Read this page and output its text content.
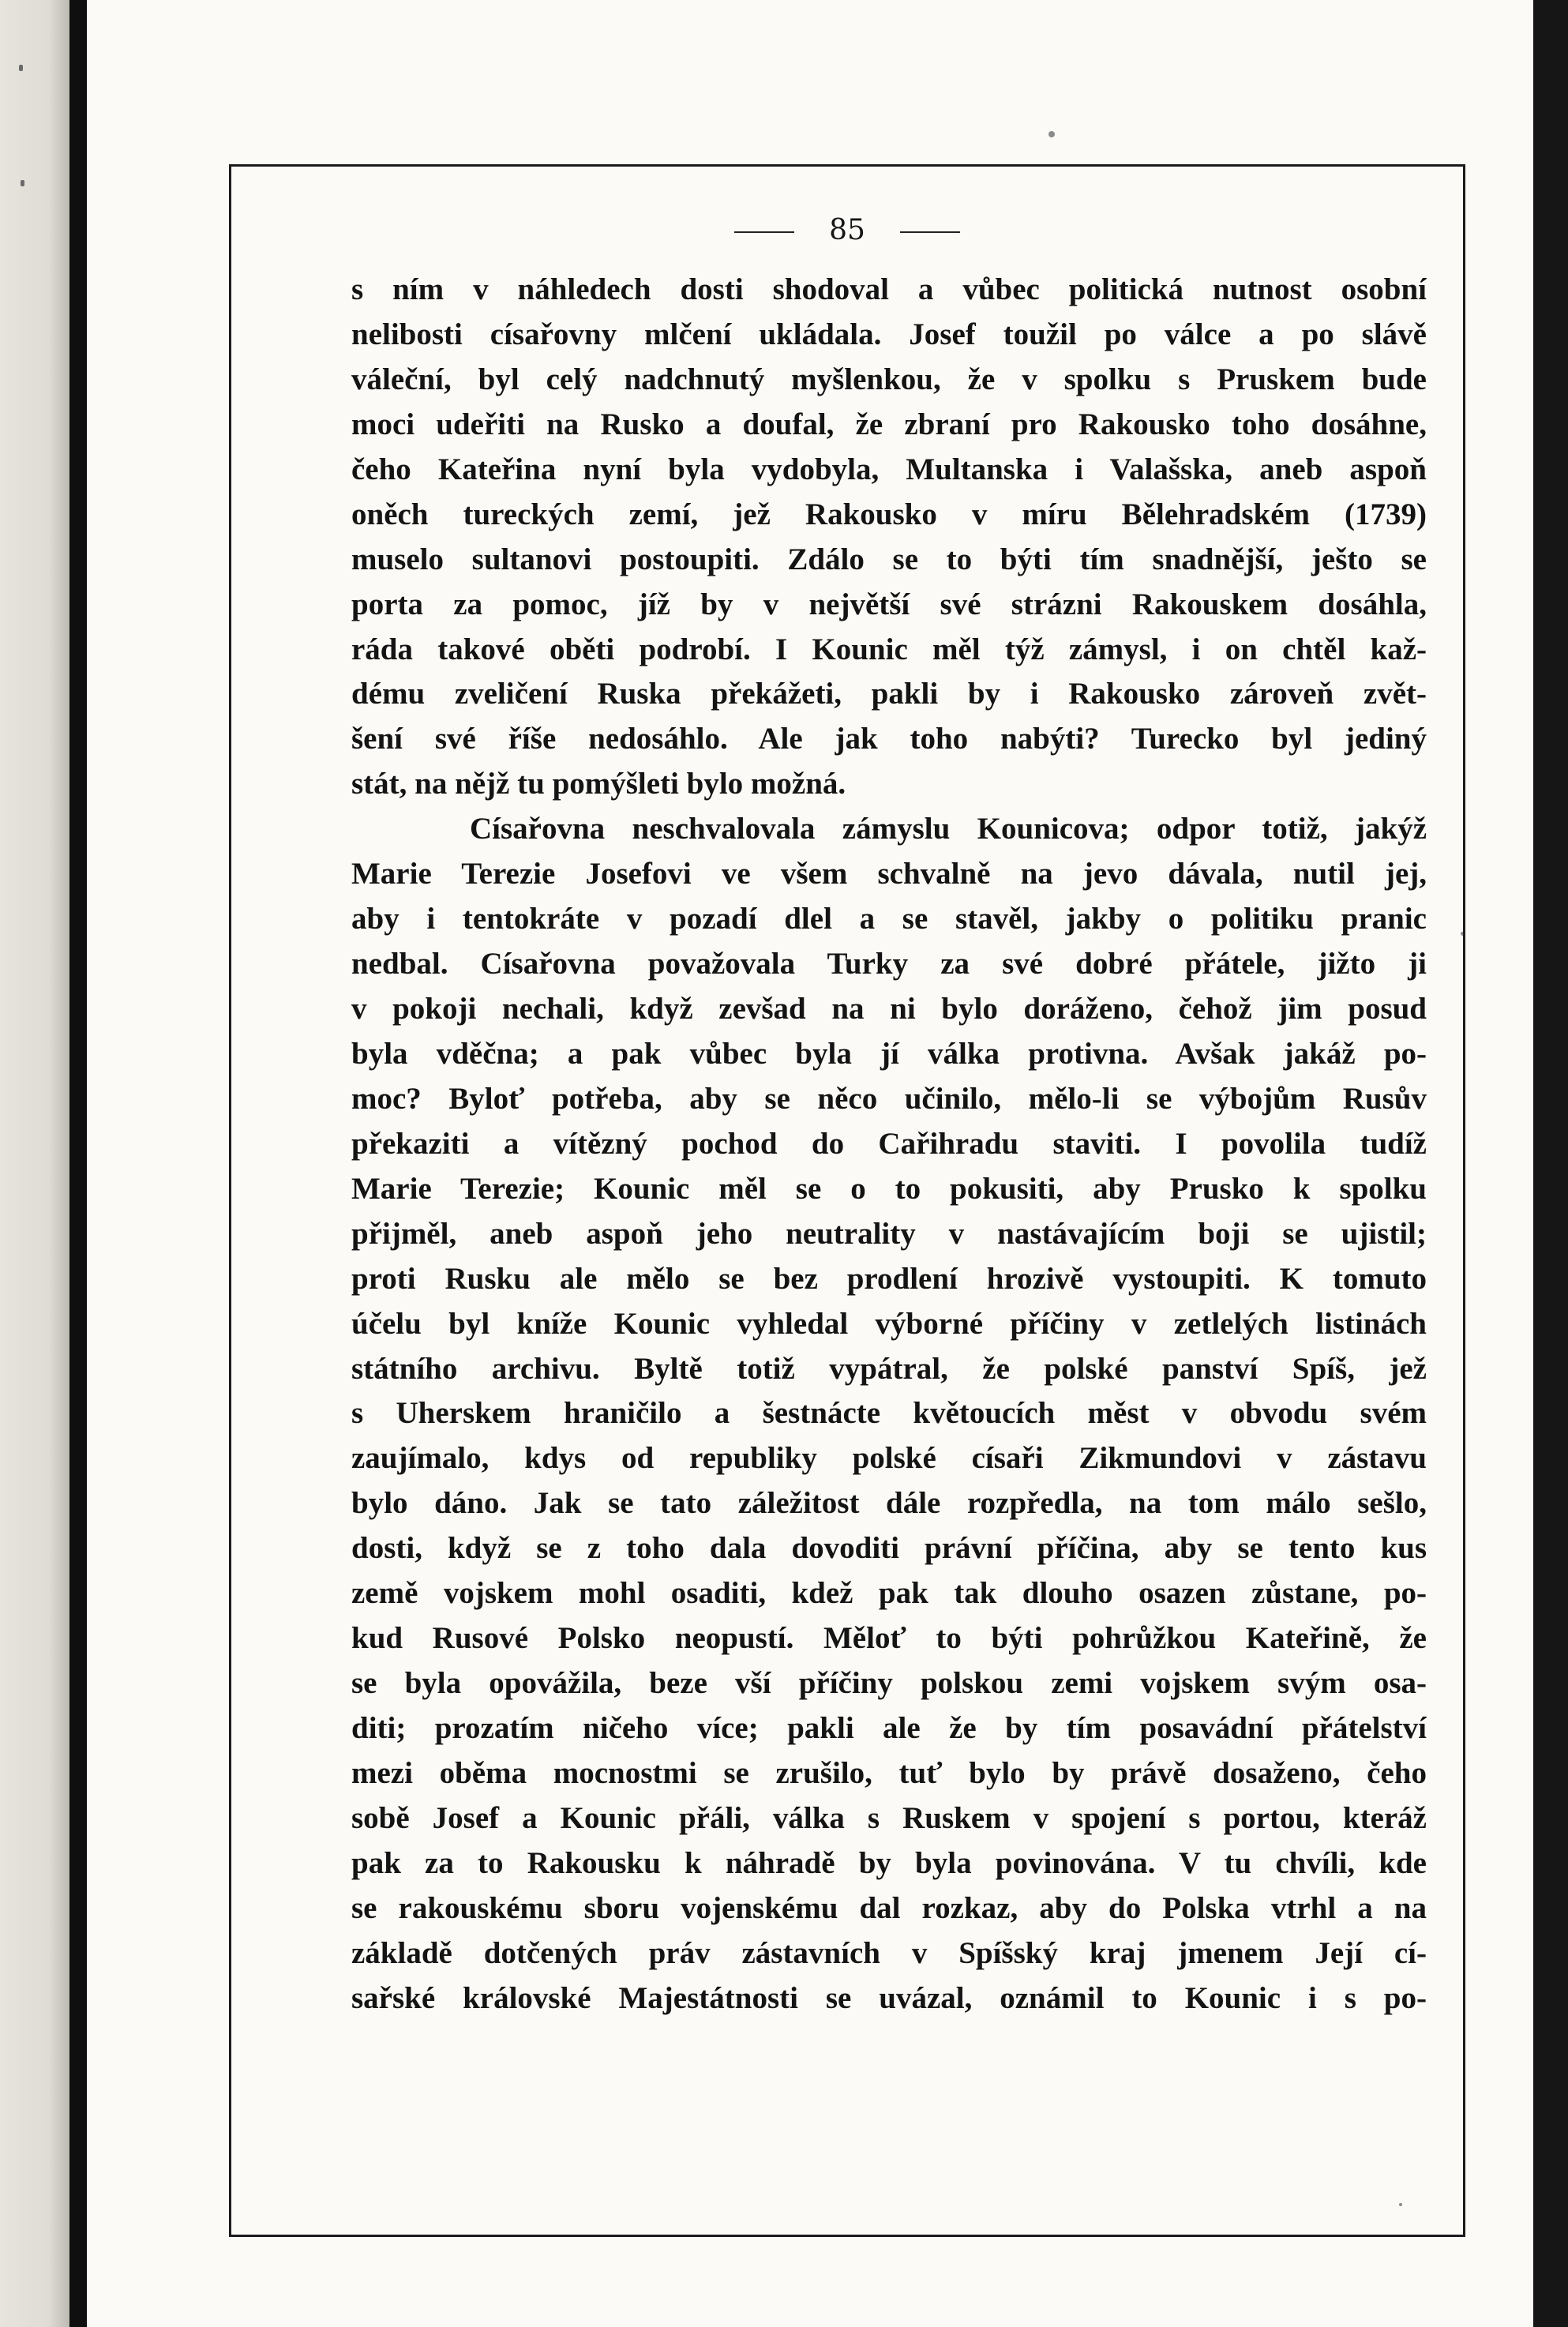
85
s ním v náhledech dosti shodoval a vůbec politická nutnost osobní
nelibosti císařovny mlčení ukládala. Josef toužil po válce a po slávě
váleční, byl celý nadchnutý myšlenkou, že v spolku s Pruskem bude
moci udeřiti na Rusko a doufal, že zbraní pro Rakousko toho dosáhne,
čeho Kateřina nyní byla vydobyla, Multanska i Valašska, aneb aspoň
oněch tureckých zemí, jež Rakousko v míru Bělehradském (1739)
muselo sultanovi postoupiti. Zdálo se to býti tím snadnější, ješto se
porta za pomoc, jíž by v největší své strázni Rakouskem dosáhla,
ráda takové oběti podrobí. I Kounic měl týž zámysl, i on chtěl kaž-
dému zveličení Ruska překážeti, pakli by i Rakousko zároveň zvět-
šení své říše nedosáhlo. Ale jak toho nabýti? Turecko byl jediný
stát, na nějž tu pomýšleti bylo možná.
Císařovna neschvalovala zámyslu Kounicova; odpor totiž, jakýž
Marie Terezie Josefovi ve všem schvalně na jevo dávala, nutil jej,
aby i tentokráte v pozadí dlel a se stavěl, jakby o politiku pranic
nedbal. Císařovna považovala Turky za své dobré přátele, jižto ji
v pokoji nechali, když zevšad na ni bylo doráženo, čehož jim posud
byla vděčna; a pak vůbec byla jí válka protivna. Avšak jakáž po-
moc? Byloť potřeba, aby se něco učinilo, mělo-li se výbojům Rusův
překaziti a vítězný pochod do Cařihradu staviti. I povolila tudíž
Marie Terezie; Kounic měl se o to pokusiti, aby Prusko k spolku
přijměl, aneb aspoň jeho neutrality v nastávajícím boji se ujistil;
proti Rusku ale mělo se bez prodlení hrozivě vystoupiti. K tomuto
účelu byl kníže Kounic vyhledal výborné příčiny v zetlelých listinách
státního archivu. Byltě totiž vypátral, že polské panství Spíš, jež
s Uherskem hraničilo a šestnácte květoucích měst v obvodu svém
zaujímalo, kdys od republiky polské císaři Zikmundovi v zástavu
bylo dáno. Jak se tato záležitost dále rozpředla, na tom málo sešlo,
dosti, když se z toho dala dovoditi právní příčina, aby se tento kus
země vojskem mohl osaditi, kdež pak tak dlouho osazen zůstane, po-
kud Rusové Polsko neopustí. Měloť to býti pohrůžkou Kateřině, že
se byla opovážila, beze vší příčiny polskou zemi vojskem svým osa-
diti; prozatím ničeho více; pakli ale že by tím posavádní přátelství
mezi oběma mocnostmi se zrušilo, tuť bylo by právě dosaženo, čeho
sobě Josef a Kounic přáli, válka s Ruskem v spojení s portou, kteráž
pak za to Rakousku k náhradě by byla povinována. V tu chvíli, kde
se rakouskému sboru vojenskému dal rozkaz, aby do Polska vtrhl a na
základě dotčených práv zástavních v Spíšský kraj jmenem Její cí-
sařské královské Majestátnosti se uvázal, oznámil to Kounic i s po-
